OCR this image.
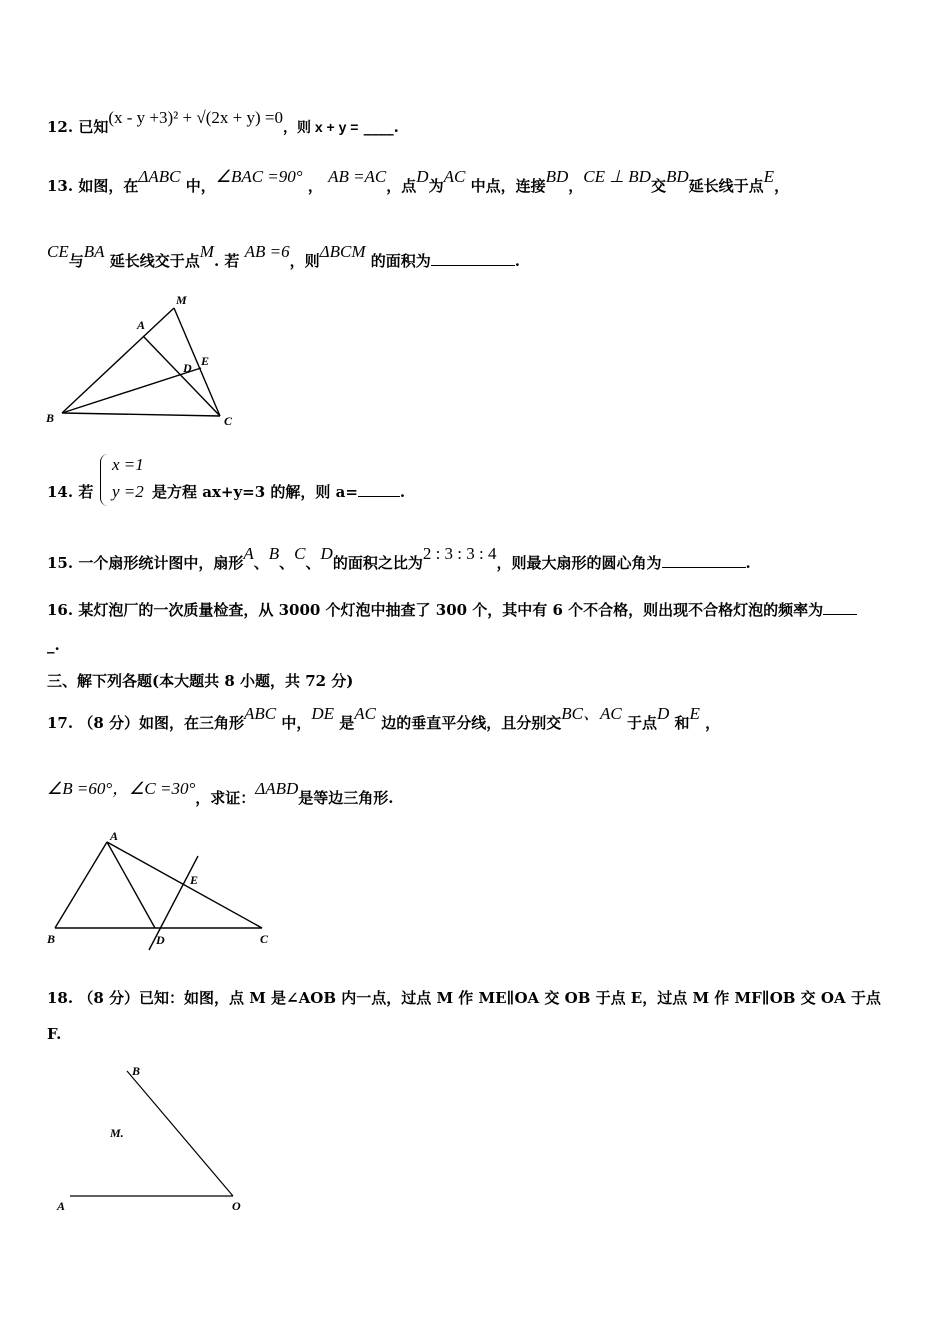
12. 已知(x - y +3)² + √(2x + y) =0，则 x + y = ____.
13. 如图，在ΔABC 中，∠BAC =90° ， AB =AC，点D为AC 中点，连接BD，CE ⊥ BD交BD延长线于点E，
CE与BA 延长线交于点M. 若 AB =6，则ΔBCM 的面积为	.
M
A
E
D
B	C
14. 若
x =1
y =2 是方程 ax+y=3 的解，则 a=	.
15. 一个扇形统计图中，扇形A、B、C、D的面积之比为2 : 3 : 3 : 4，则最大扇形的圆心角为	.
16. 某灯泡厂的一次质量检查，从 3000 个灯泡中抽查了 300 个，其中有 6 个不合格，则出现不合格灯泡的频率为
_.
三、解下列各题(本大题共 8 小题，共 72 分)
17. （8 分）如图，在三角形ABC 中，DE 是AC 边的垂直平分线，且分别交BC、AC 于点D 和E ，
∠B =60°，∠C =30°，求证：ΔABD是等边三角形.
A
E
B	D	C
18. （8 分）已知：如图，点 M 是∠AOB 内一点，过点 M 作 ME∥OA 交 OB 于点 E，过点 M 作 MF∥OB 交 OA 于点
F.
B
M.
A	O
